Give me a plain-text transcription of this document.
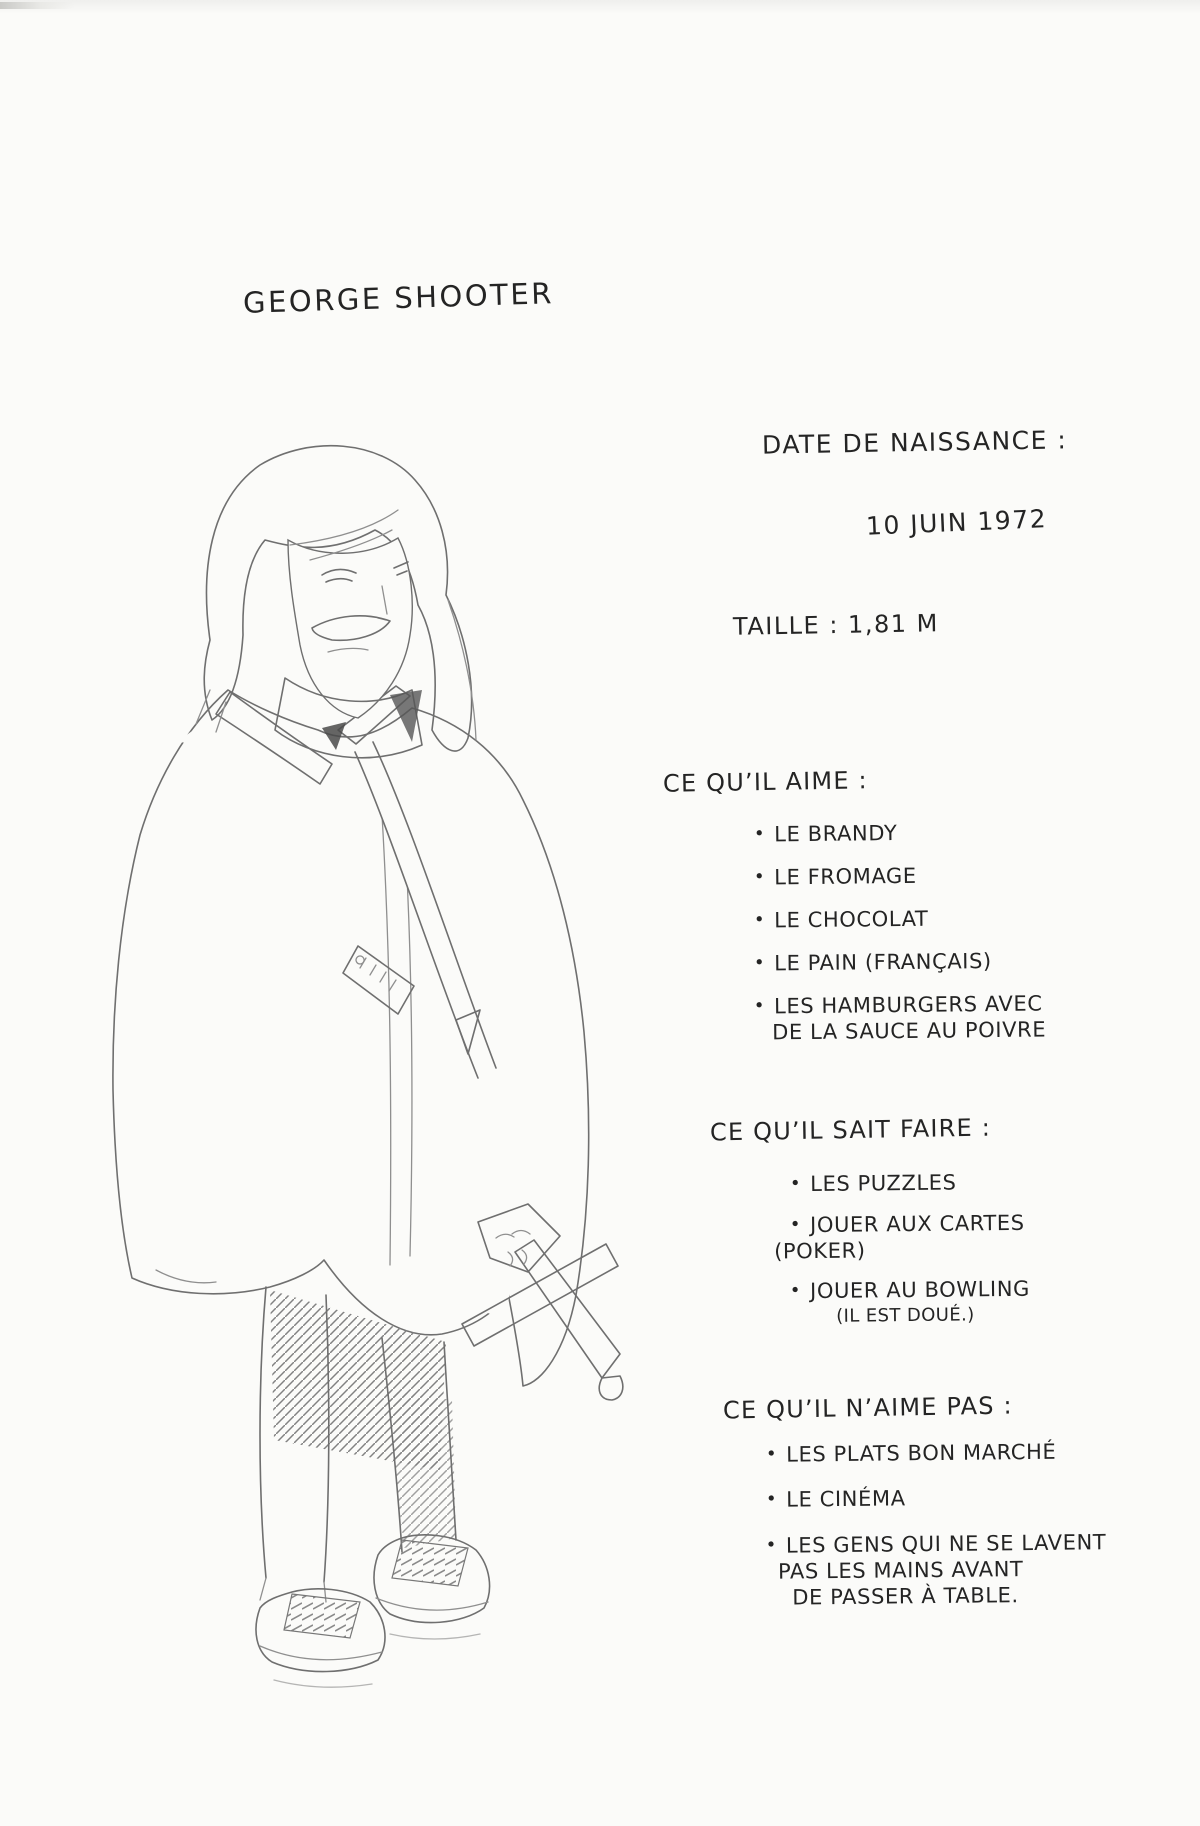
GEORGE SHOOTER
DATE DE NAISSANCE :
10 JUIN 1972
TAILLE : 1,81 M
CE QU’IL AIME :
• LE BRANDY
• LE FROMAGE
• LE CHOCOLAT
• LE PAIN (FRANÇAIS)
• LES HAMBURGERS AVEC
DE LA SAUCE AU POIVRE
CE QU’IL SAIT FAIRE :
• LES PUZZLES
• JOUER AUX CARTES
(POKER)
• JOUER AU BOWLING
(IL EST DOUÉ.)
CE QU’IL N’AIME PAS :
• LES PLATS BON MARCHÉ
• LE CINÉMA
• LES GENS QUI NE SE LAVENT
PAS LES MAINS AVANT
DE PASSER À TABLE.
